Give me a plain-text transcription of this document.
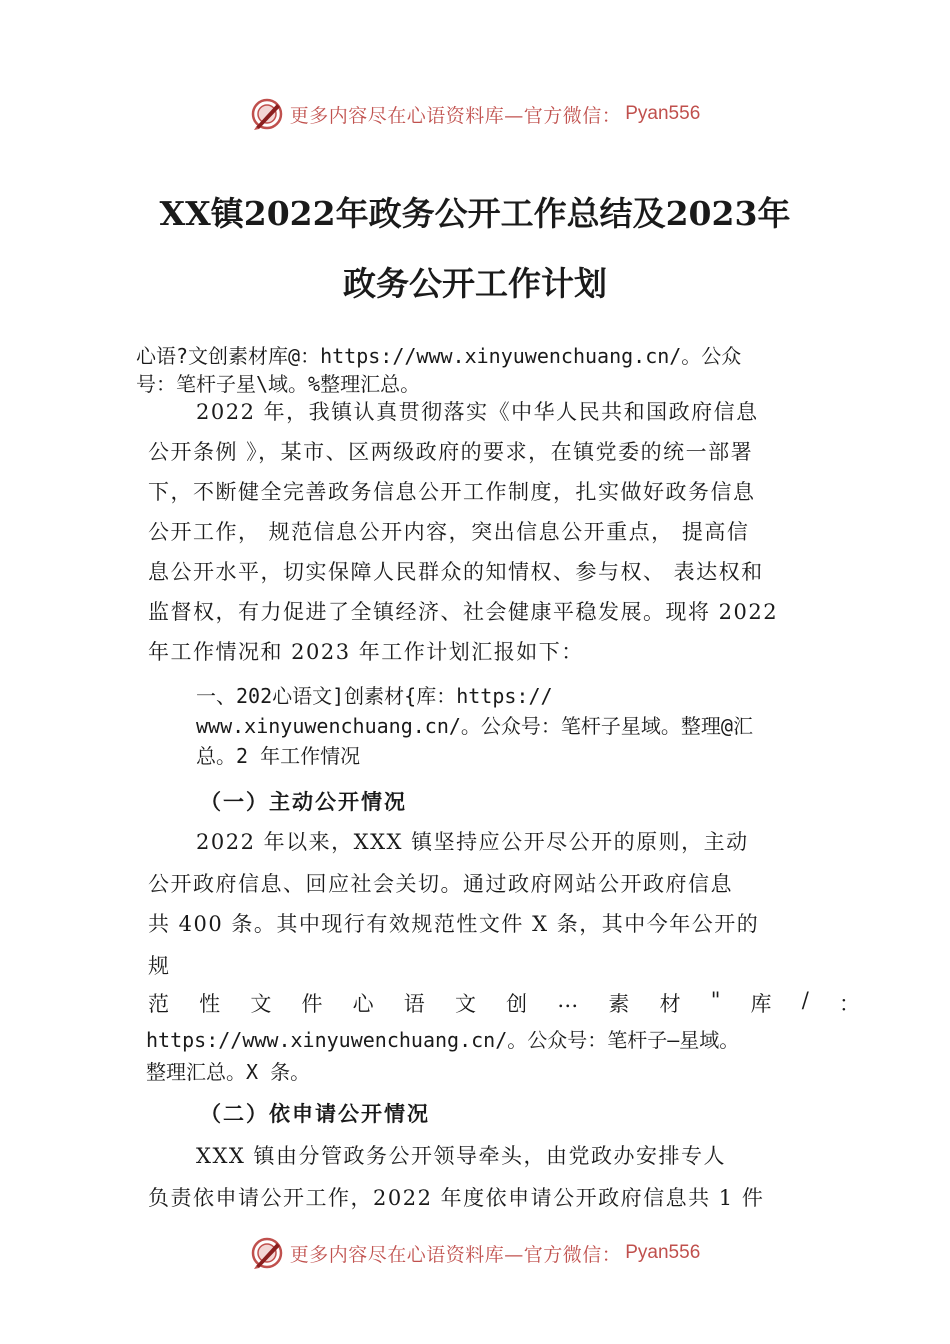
更多内容尽在心语资料库—官方微信： Pyan556
XX镇2022年政务公开工作总结及2023年
政务公开工作计划
心语?文创素材库@：https://www.xinyuwenchuang.cn/。公众
号：笔杆子星\域。%整理汇总。
2022 年，我镇认真贯彻落实《中华人民共和国政府信息
公开条例 》，某市、区两级政府的要求，在镇党委的统一部署
下，不断健全完善政务信息公开工作制度，扎实做好政务信息
公开工作， 规范信息公开内容，突出信息公开重点， 提高信
息公开水平，切实保障人民群众的知情权、参与权、 表达权和
监督权，有力促进了全镇经济、社会健康平稳发展。现将 2022
年工作情况和 2023 年工作计划汇报如下：
一、202心语文]创素材{库：https://
www.xinyuwenchuang.cn/。公众号：笔杆子星域。整理@汇
总。2 年工作情况
（一）主动公开情况
2022 年以来，XXX 镇坚持应公开尽公开的原则，主动
公开政府信息、回应社会关切。通过政府网站公开政府信息
共 400 条。其中现行有效规范性文件 X 条，其中今年公开的
规
范 性 文 件 心 语 文 创 … 素 材 " 库 / ：
https://www.xinyuwenchuang.cn/。公众号：笔杆子—星域。
整理汇总。X 条。
（二）依申请公开情况
XXX 镇由分管政务公开领导牵头，由党政办安排专人
负责依申请公开工作，2022 年度依申请公开政府信息共 1 件
更多内容尽在心语资料库—官方微信： Pyan556
